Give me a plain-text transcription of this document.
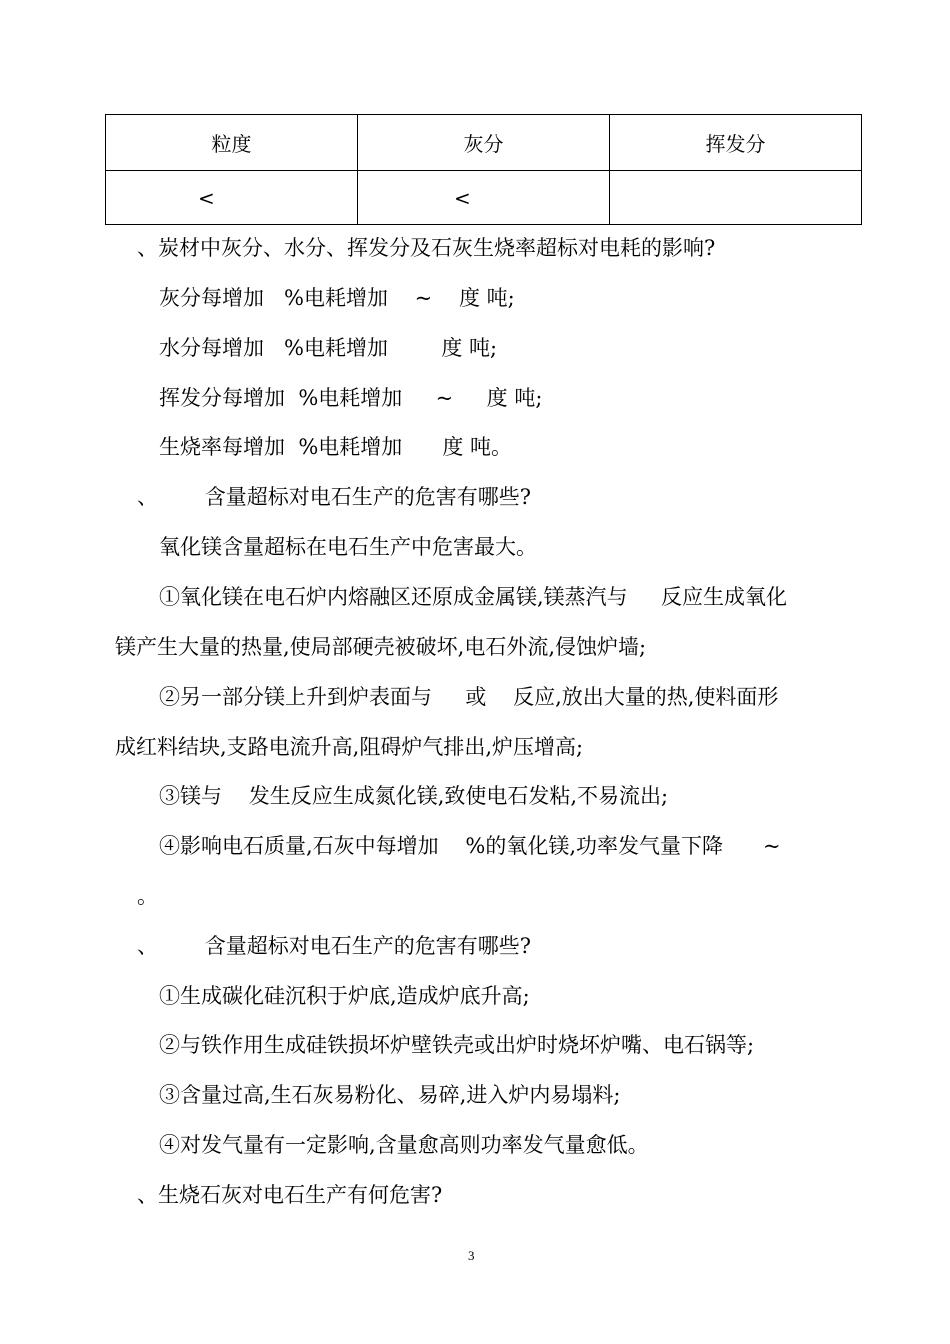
粒度	灰分	挥发分
<	<	
、炭材中灰分、水分、挥发分及石灰生烧率超标对电耗的影响?
灰分每增加   %电耗增加    ~    度 吨;
水分每增加   %电耗增加        度 吨;
挥发分每增加  %电耗增加     ~     度 吨;
生烧率每增加  %电耗增加      度 吨。
、       含量超标对电石生产的危害有哪些?
氧化镁含量超标在电石生产中危害最大。
①氧化镁在电石炉内熔融区还原成金属镁,镁蒸汽与     反应生成氧化
镁产生大量的热量,使局部硬壳被破坏,电石外流,侵蚀炉墙;
②另一部分镁上升到炉表面与     或    反应,放出大量的热,使料面形
成红料结块,支路电流升高,阻碍炉气排出,炉压增高;
③镁与    发生反应生成氮化镁,致使电石发粘,不易流出;
④影响电石质量,石灰中每增加    %的氧化镁,功率发气量下降      ~
。
、       含量超标对电石生产的危害有哪些?
①生成碳化硅沉积于炉底,造成炉底升高;
②与铁作用生成硅铁损坏炉壁铁壳或出炉时烧坏炉嘴、电石锅等;
③含量过高,生石灰易粉化、易碎,进入炉内易塌料;
④对发气量有一定影响,含量愈高则功率发气量愈低。
、生烧石灰对电石生产有何危害?
3
